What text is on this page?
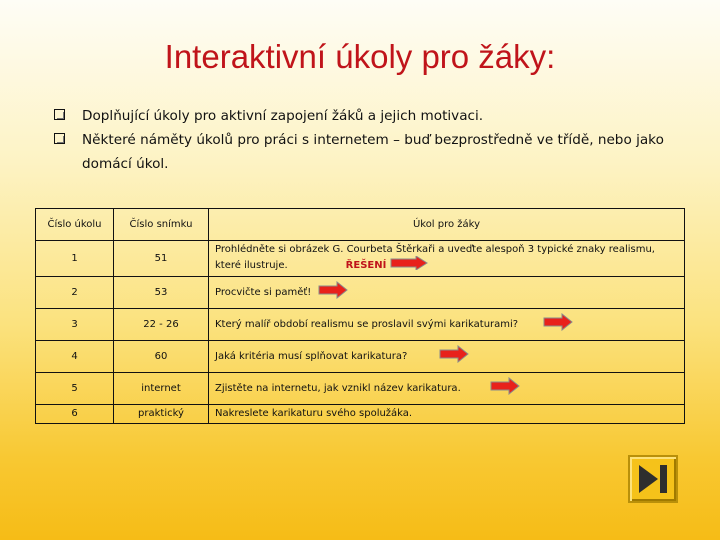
Interaktivní úkoly pro žáky:
Doplňující úkoly pro aktivní zapojení žáků a jejich motivaci.
Některé náměty úkolů pro práci s internetem – buď bezprostředně ve třídě, nebo jako domácí úkol.
Číslo úkolu	Číslo snímku	Úkol pro žáky
1	51	Prohlédněte si obrázek G. Courbeta Štěrkaři a uveďte alespoň 3 typické znaky realismu, které ilustruje. ŘEŠENÍ
2	53	Procvičte si paměť!
3	22 - 26	Který malíř období realismu se proslavil svými karikaturami?
4	60	Jaká kritéria musí splňovat karikatura?
5	internet	Zjistěte na internetu, jak vznikl název karikatura.
6	praktický	Nakreslete karikaturu svého spolužáka.
